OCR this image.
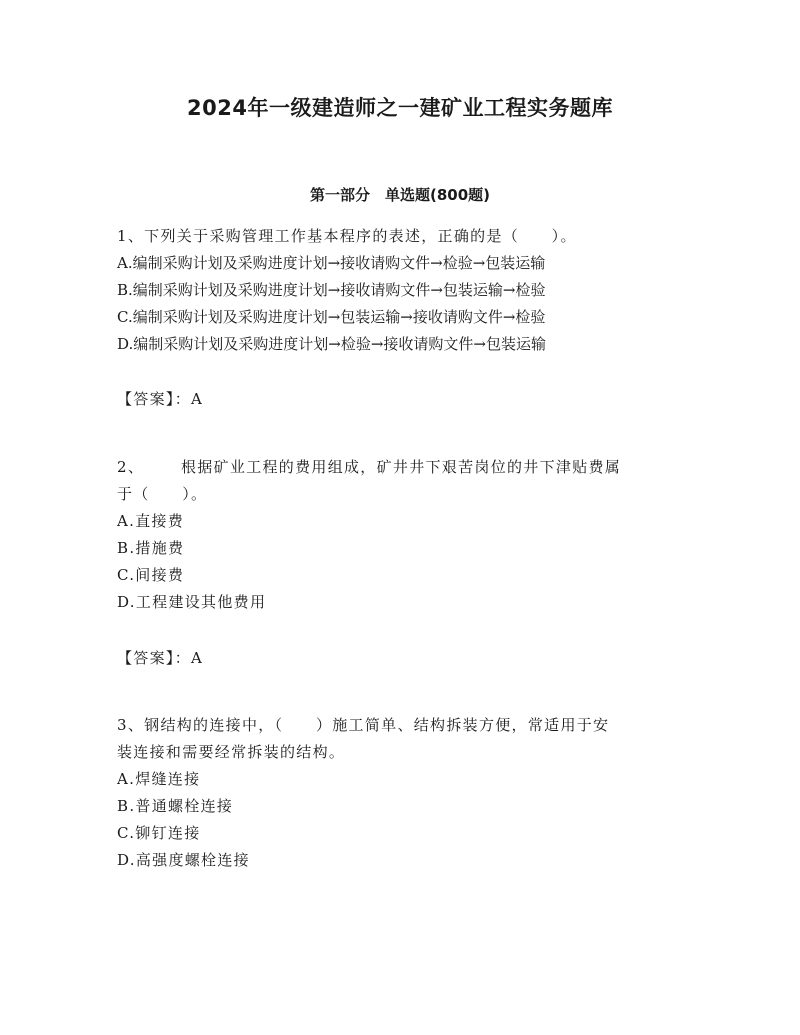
2024年一级建造师之一建矿业工程实务题库
第一部分　单选题(800题)
1、下列关于采购管理工作基本程序的表述，正确的是（　　）。
A.编制采购计划及采购进度计划→接收请购文件→检验→包装运输
B.编制采购计划及采购进度计划→接收请购文件→包装运输→检验
C.编制采购计划及采购进度计划→包装运输→接收请购文件→检验
D.编制采购计划及采购进度计划→检验→接收请购文件→包装运输
【答案】：A
2、 根据矿业工程的费用组成，矿井井下艰苦岗位的井下津贴费属
于（　　）。
A.直接费
B.措施费
C.间接费
D.工程建设其他费用
【答案】：A
3、钢结构的连接中，（　　）施工简单、结构拆装方便，常适用于安
装连接和需要经常拆装的结构。
A.焊缝连接
B.普通螺栓连接
C.铆钉连接
D.高强度螺栓连接
